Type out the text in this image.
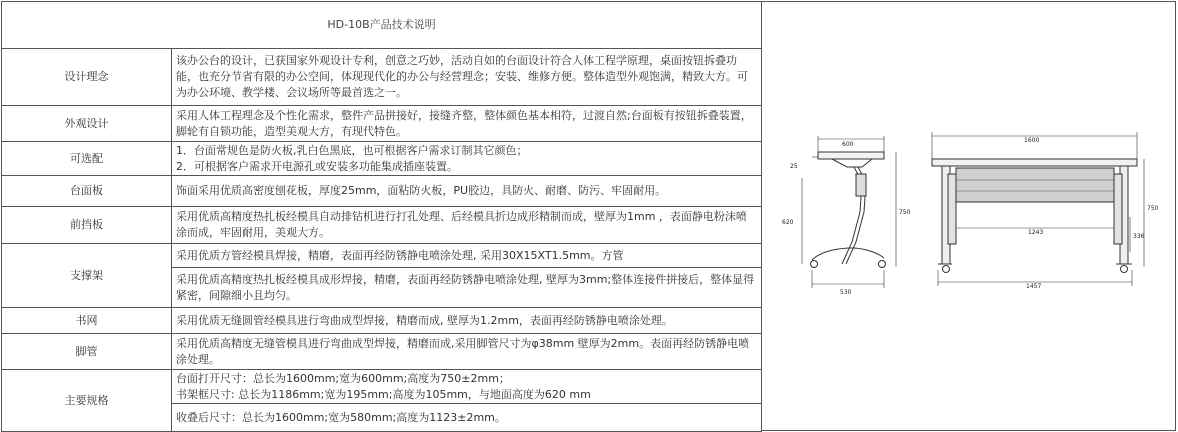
HD-10B产品技术说明	
设计理念	该办公台的设计，已获国家外观设计专利，创意之巧妙，活动自如的台面设计符合人体工程学原理，桌面按钮拆叠功能，也充分节省有限的办公空间，体现现代化的办公与经营理念；安装、维修方便。整体造型外观饱满，精致大方。可为办公环境、教学楼、会议场所等最首选之一。
外观设计	采用人体工程理念及个性化需求，整件产品拼接好，接缝齐整，整体颜色基本相符，过渡自然;台面板有按钮拆叠装置，脚轮有自锁功能，造型美观大方，有现代特色。
可选配	1．台面常规色是防火板,乳白色黑底，也可根据客户需求订制其它颜色；
2．可根据客户需求开电源孔或安装多功能集成插座装置。

台面板	饰面采用优质高密度刨花板，厚度25mm，面粘防火板，PU胶边，具防火、耐磨、防污、牢固耐用。
前挡板	采用优质高精度热扎板经模具自动排钻机进行打孔处理、后经模具折边成形精制而成，壁厚为1mm ，表面静电粉沫喷涂而成，牢固耐用，美观大方。
支撑架	采用优质方管经模具焊接，精磨，表面再经防锈静电喷涂处理, 采用30X15XT1.5mm。方管
	采用优质高精度热扎板经模具成形焊接，精磨，表面再经防锈静电喷涂处理, 壁厚为3mm;整体连接件拼接后，整体显得紧密，间隙细小且均匀。
书网	采用优质无缝圆管经模具进行弯曲成型焊接，精磨而成, 壁厚为1.2mm，表面再经防锈静电喷涂处理。
脚管	采用优质高精度无缝管模具进行弯曲成型焊接，精磨而成,采用脚管尺寸为φ38mm 壁厚为2mm。表面再经防锈静电喷涂处理。
主要规格	台面打开尺寸：总长为1600mm;宽为600mm;高度为750±2mm；
书架框尺寸: 总长为1186mm;宽为195mm;高度为105mm，与地面高度为620 mm

	收叠后尺寸：总长为1600mm;宽为580mm;高度为1123±2mm。
600
25
620
750
530
1600
1243
336
750
1457
